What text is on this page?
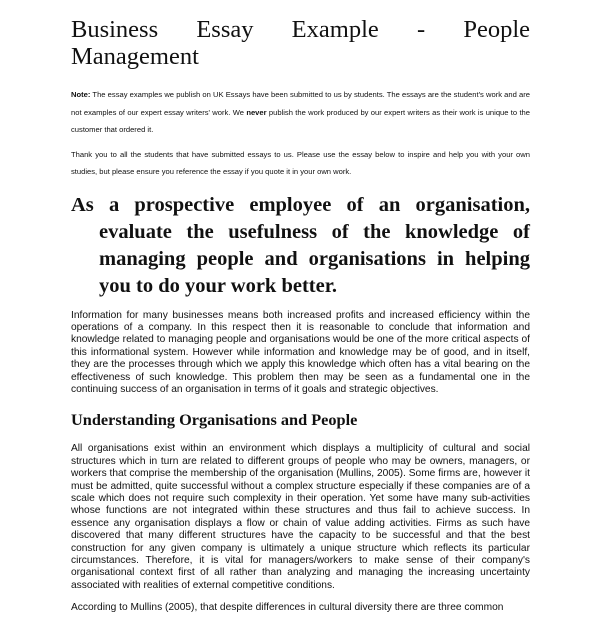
Business Essay Example - People Management

Note: The essay examples we publish on UK Essays have been submitted to us by students. The essays are the student's work and are not examples of our expert essay writers' work. We never publish the work produced by our expert writers as their work is unique to the customer that ordered it.

Thank you to all the students that have submitted essays to us. Please use the essay below to inspire and help you with your own studies, but please ensure you reference the essay if you quote it in your own work.

As a prospective employee of an organisation, evaluate the usefulness of the knowledge of managing people and organisations in helping you to do your work better.

Information for many businesses means both increased profits and increased efficiency within the operations of a company. In this respect then it is reasonable to conclude that information and knowledge related to managing people and organisations would be one of the more critical aspects of this informational system. However while information and knowledge may be of good, and in itself, they are the processes through which we apply this knowledge which often has a vital bearing on the effectiveness of such knowledge. This problem then may be seen as a fundamental one in the continuing success of an organisation in terms of it goals and strategic objectives.

Understanding Organisations and People

All organisations exist within an environment which displays a multiplicity of cultural and social structures which in turn are related to different groups of people who may be owners, managers, or workers that comprise the membership of the organisation (Mullins, 2005). Some firms are, however it must be admitted, quite successful without a complex structure especially if these companies are of a scale which does not require such complexity in their operation. Yet some have many sub-activities whose functions are not integrated within these structures and thus fail to achieve success. In essence any organisation displays a flow or chain of value adding activities. Firms as such have discovered that many different structures have the capacity to be successful and that the best construction for any given company is ultimately a unique structure which reflects its particular circumstances. Therefore, it is vital for managers/workers to make sense of their company's organisational context first of all rather than analyzing and managing the increasing uncertainty associated with realities of external competitive conditions.

According to Mullins (2005), that despite differences in cultural diversity there are three common
